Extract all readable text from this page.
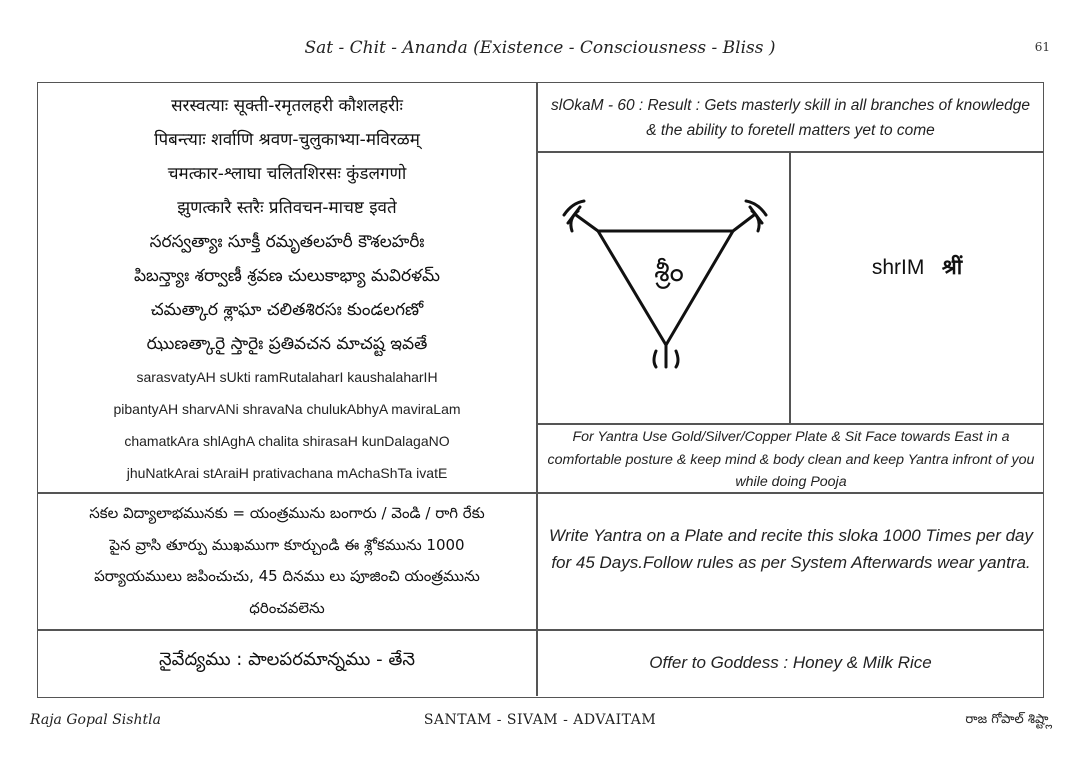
Sat - Chit - Ananda (Existence - Consciousness - Bliss )	61
सरस्वत्याः सूक्ती-रमृतलहरी कौशलहरीः
पिबन्त्याः शर्वाणि श्रवण-चुलुकाभ्या-मविरळम्
चमत्कार-श्लाघा चलितशिरसः कुंडलगणो
झुणत्कारै स्तरैः प्रतिवचन-माचष्ट इवते
సరస్వత్యాః సూక్తీ రమృతలహరీ కౌశలహరీః
పిబన్త్యాః శర్వాణీ శ్రవణ చులుకాభ్యా మవిరళమ్
చమత్కార శ్లాఘా చలితశిరసః కుండలగణో
ఝుణత్కారై స్తారైః ప్రతివచన మాచష్ట ఇవతే
sarasvatyAH sUkti ramRutalaharI kaushalaharIH
pibantyAH sharvANi shravaNa chulukAbhyA maviraLam
chamatkAra shlAghA chalita shirasaH kunDalagaNO
jhuNatkArai stAraiH prativachana mAchaShTa ivatE
slOkaM - 60 : Result : Gets masterly skill in all branches of knowledge & the ability to foretell matters yet to come
శ్రీం	shrIM श्रीं
For Yantra Use Gold/Silver/Copper Plate & Sit Face towards East in a comfortable posture & keep mind & body clean and keep Yantra infront of you while doing Pooja
సకల విద్యాలాభమునకు = యంత్రమును బంగారు / వెండి / రాగి రేకు
పైన వ్రాసి తూర్పు ముఖముగా కూర్చుండి ఈ శ్లోకమును 1000
పర్యాయములు జపించుచు, 45 దినము లు పూజించి యంత్రమును
ధరించవలెను
Write Yantra on a Plate and recite this sloka 1000 Times per day for 45 Days.Follow rules as per System Afterwards wear yantra.
నైవేద్యము : పాలపరమాన్నము - తేనె	Offer to Goddess : Honey & Milk Rice
Raja Gopal Sishtla	SANTAM - SIVAM - ADVAITAM	రాజ గోపాల్ శిష్ట్లా
